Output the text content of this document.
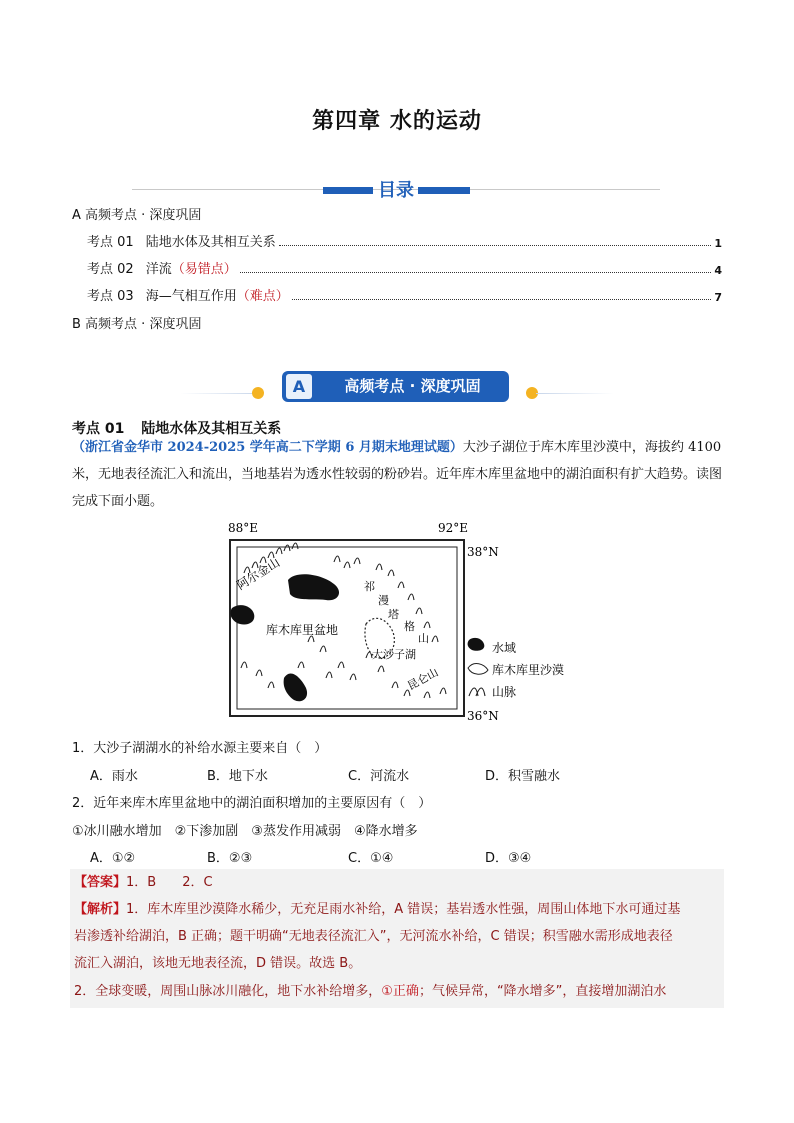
第四章 水的运动
目录
A 高频考点 · 深度巩固
考点 01 陆地水体及其相互关系	1
考点 02 洋流 （易错点）	4
考点 03 海—气相互作用 （难点）	7
B 高频考点 · 深度巩固
A	高频考点 · 深度巩固
考点 01 陆地水体及其相互关系
（浙江省金华市 2024-2025 学年高二下学期 6 月期末地理试题）大沙子湖位于库木库里沙漠中，海拔约 4100 米，无地表径流汇入和流出，当地基岩为透水性较弱的粉砂岩。近年库木库里盆地中的湖泊面积有扩大趋势。读图完成下面小题。
88°E	92°E
38°N
36°N
阿尔金山	祁
漫
塔
格
山
库木库里盆地
大沙子湖
昆仑山
水域
库木库里沙漠
山脉
1．大沙子湖湖水的补给水源主要来自（　）
A．雨水	B．地下水	C．河流水	D．积雪融水
2．近年来库木库里盆地中的湖泊面积增加的主要原因有（　）
①冰川融水增加　②下渗加剧　③蒸发作用减弱　④降水增多
A．①②	B．②③	C．①④	D．③④
【答案】1．B　　2．C
【解析】1．库木库里沙漠降水稀少，无充足雨水补给，A 错误；基岩透水性强，周围山体地下水可通过基
岩渗透补给湖泊，B 正确；题干明确“无地表径流汇入”，无河流水补给，C 错误；积雪融水需形成地表径
流汇入湖泊，该地无地表径流，D 错误。故选 B。
2．全球变暖，周围山脉冰川融化，地下水补给增多，①正确；气候异常，“降水增多”，直接增加湖泊水
